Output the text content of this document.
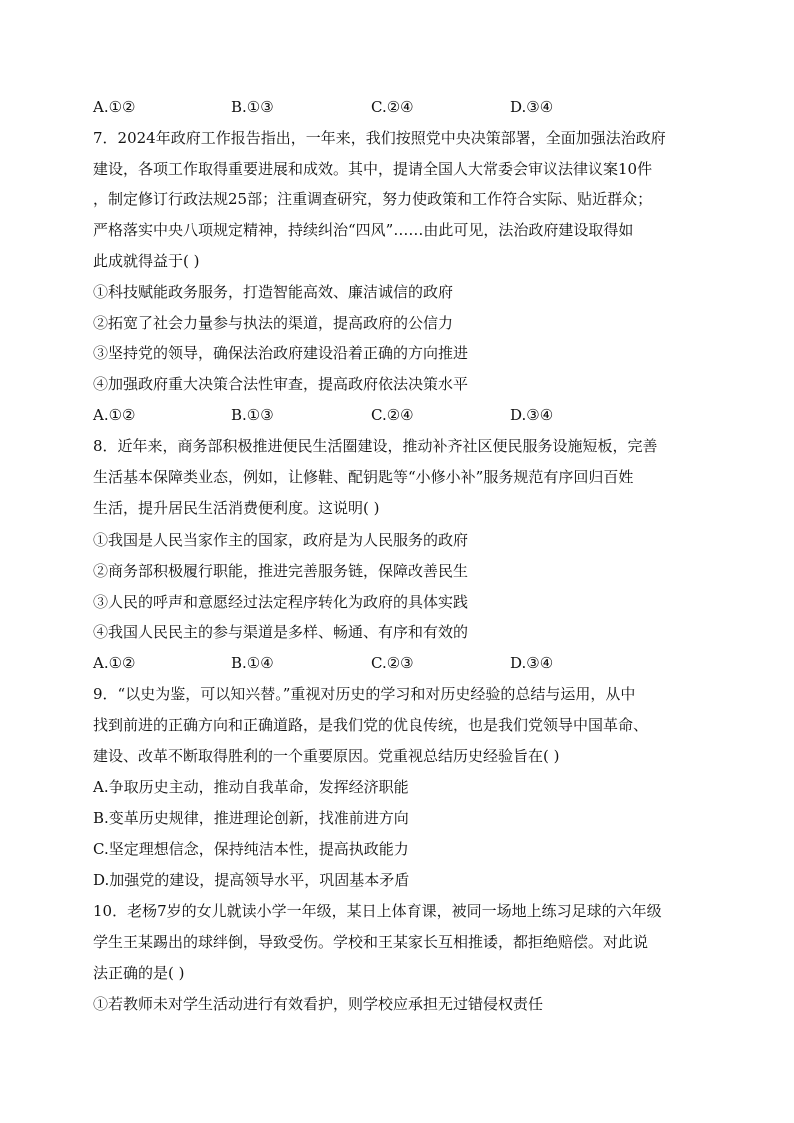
A.①②	B.①③	C.②④	D.③④
7．2024年政府工作报告指出，一年来，我们按照党中央决策部署，全面加强法治政府
建设，各项工作取得重要进展和成效。其中，提请全国人大常委会审议法律议案10件
，制定修订行政法规25部；注重调查研究，努力使政策和工作符合实际、贴近群众；
严格落实中央八项规定精神，持续纠治“四风”……由此可见，法治政府建设取得如
此成就得益于( )
①科技赋能政务服务，打造智能高效、廉洁诚信的政府
②拓宽了社会力量参与执法的渠道，提高政府的公信力
③坚持党的领导，确保法治政府建设沿着正确的方向推进
④加强政府重大决策合法性审查，提高政府依法决策水平
A.①②	B.①③	C.②④	D.③④
8．近年来，商务部积极推进便民生活圈建设，推动补齐社区便民服务设施短板，完善
生活基本保障类业态，例如，让修鞋、配钥匙等“小修小补”服务规范有序回归百姓
生活，提升居民生活消费便利度。这说明( )
①我国是人民当家作主的国家，政府是为人民服务的政府
②商务部积极履行职能，推进完善服务链，保障改善民生
③人民的呼声和意愿经过法定程序转化为政府的具体实践
④我国人民民主的参与渠道是多样、畅通、有序和有效的
A.①②	B.①④	C.②③	D.③④
9．“以史为鉴，可以知兴替。”重视对历史的学习和对历史经验的总结与运用，从中
找到前进的正确方向和正确道路，是我们党的优良传统，也是我们党领导中国革命、
建设、改革不断取得胜利的一个重要原因。党重视总结历史经验旨在( )
A.争取历史主动，推动自我革命，发挥经济职能
B.变革历史规律，推进理论创新，找准前进方向
C.坚定理想信念，保持纯洁本性，提高执政能力
D.加强党的建设，提高领导水平，巩固基本矛盾
10．老杨7岁的女儿就读小学一年级，某日上体育课，被同一场地上练习足球的六年级
学生王某踢出的球绊倒，导致受伤。学校和王某家长互相推诿，都拒绝赔偿。对此说
法正确的是( )
①若教师未对学生活动进行有效看护，则学校应承担无过错侵权责任
